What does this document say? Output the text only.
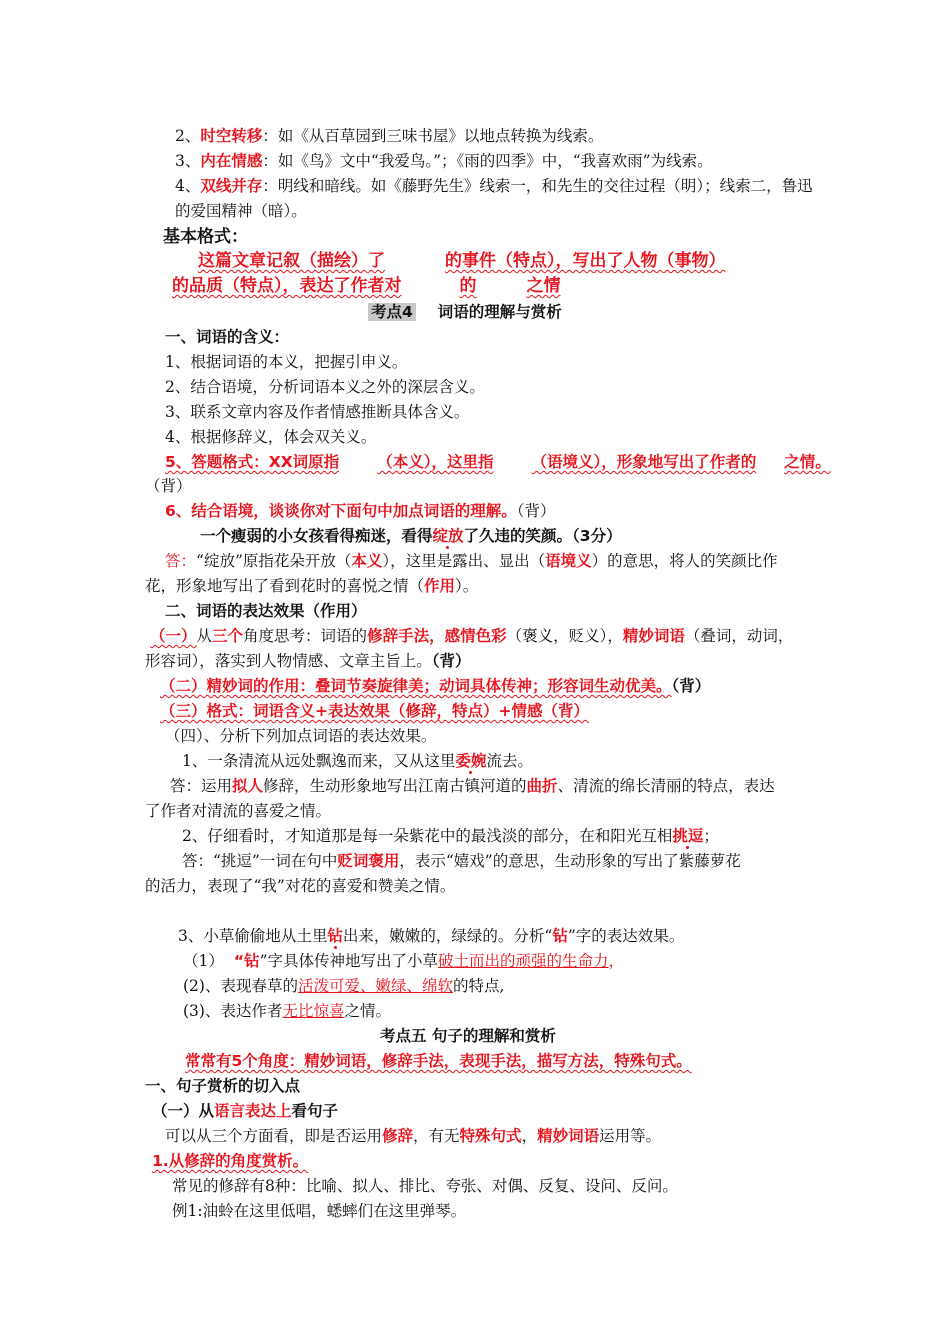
2、时空转移：如《从百草园到三味书屋》以地点转换为线索。
3、内在情感：如《鸟》文中“我爱鸟。”；《雨的四季》中，“我喜欢雨”为线索。
4、双线并存：明线和暗线。如《藤野先生》线索一，和先生的交往过程（明）；线索二，鲁迅
的爱国精神（暗）。
基本格式：
这篇文章记叙（描绘）了	的事件（特点），写出了人物（事物）
的品质（特点），表达了作者对	的	之情
考点4 词语的理解与赏析
一、词语的含义：
1、根据词语的本义，把握引申义。
2、结合语境，分析词语本义之外的深层含义。
3、联系文章内容及作者情感推断具体含义。
4、根据修辞义，体会双关义。
5、答题格式：XX词原指 （本义），这里指 （语境义），形象地写出了作者的 之情。
（背）
6、结合语境，谈谈你对下面句中加点词语的理解。（背）
一个瘦弱的小女孩看得痴迷，看得绽放了久违的笑颜。（3分）
答：“绽放”原指花朵开放（本义），这里是露出、显出（语境义）的意思，将人的笑颜比作
花，形象地写出了看到花时的喜悦之情（作用）。
二、词语的表达效果（作用）
（一）从三个角度思考：词语的修辞手法，感情色彩（褒义，贬义），精妙词语（叠词，动词，
形容词），落实到人物情感、文章主旨上。（背）
（二）精妙词的作用：叠词节奏旋律美；动词具体传神；形容词生动优美。（背）
（三）格式：词语含义+表达效果（修辞，特点）+情感（背）
（四）、分析下列加点词语的表达效果。
1、一条清流从远处飘逸而来，又从这里委婉流去。
答：运用拟人修辞，生动形象地写出江南古镇河道的曲折、清流的绵长清丽的特点，表达
了作者对清流的喜爱之情。
2、仔细看时，才知道那是每一朵紫花中的最浅淡的部分，在和阳光互相挑逗；
答：“挑逗”一词在句中贬词褒用，表示“嬉戏”的意思，生动形象的写出了紫藤萝花
的活力，表现了“我”对花的喜爱和赞美之情。
3、小草偷偷地从土里钻出来，嫩嫩的，绿绿的。分析“钻”字的表达效果。
（1） “钻”字具体传神地写出了小草破土而出的顽强的生命力，
(2)、表现春草的活泼可爱、嫩绿、绵软的特点,
(3)、表达作者无比惊喜之情。
考点五 句子的理解和赏析
常常有5个角度：精妙词语，修辞手法，表现手法，描写方法，特殊句式。
一、句子赏析的切入点
（一）从语言表达上看句子
可以从三个方面看，即是否运用修辞，有无特殊句式，精妙词语运用等。
1.从修辞的角度赏析。
常见的修辞有8种：比喻、拟人、排比、夸张、对偶、反复、设问、反问。
例1:油蛉在这里低唱，蟋蟀们在这里弹琴。
